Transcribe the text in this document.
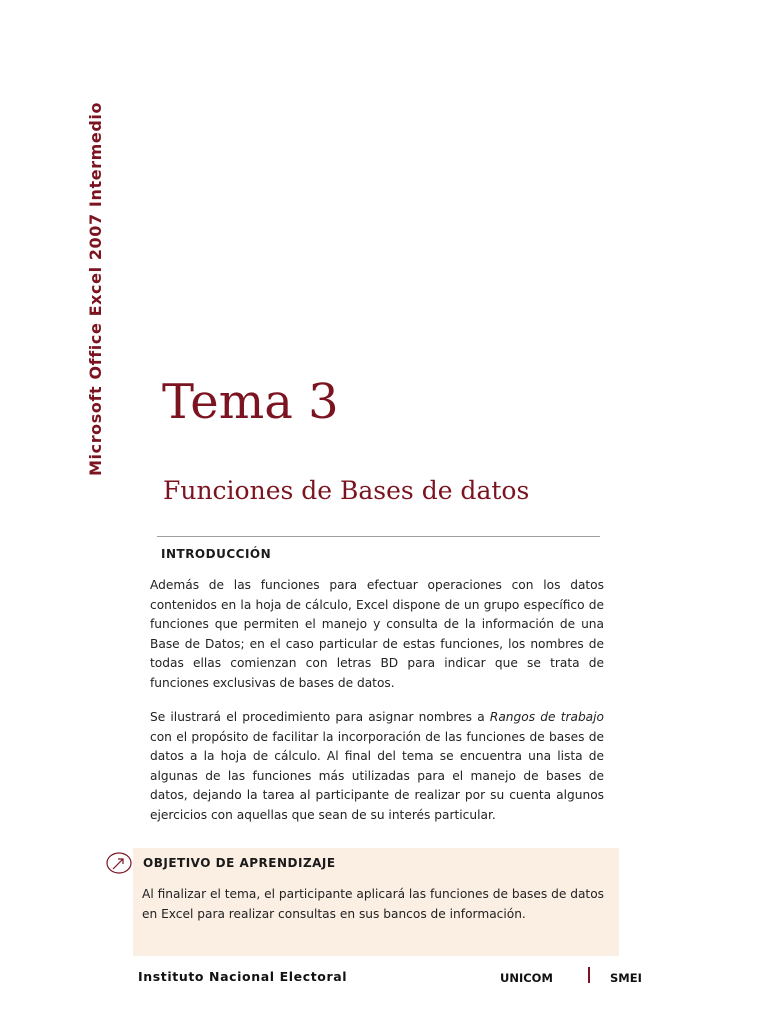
Microsoft Office Excel 2007 Intermedio Tema 3
Funciones de Bases de datos
INTRODUCCIÓN
Además de las funciones para efectuar operaciones con los datos contenidos en la hoja de cálculo, Excel dispone de un grupo específico de funciones que permiten el manejo y consulta de la información de una Base de Datos; en el caso particular de estas funciones, los nombres de todas ellas comienzan con letras BD para indicar que se trata de funciones exclusivas de bases de datos.
Se ilustrará el procedimiento para asignar nombres a Rangos de trabajo con el propósito de facilitar la incorporación de las funciones de bases de datos a la hoja de cálculo. Al final del tema se encuentra una lista de algunas de las funciones más utilizadas para el manejo de bases de datos, dejando la tarea al participante de realizar por su cuenta algunos ejercicios con aquellas que sean de su interés particular.
OBJETIVO DE APRENDIZAJE
Al finalizar el tema, el participante aplicará las funciones de bases de datos en Excel para realizar consultas en sus bancos de información.
Instituto Nacional Electoral	UNICOM	SMEI
